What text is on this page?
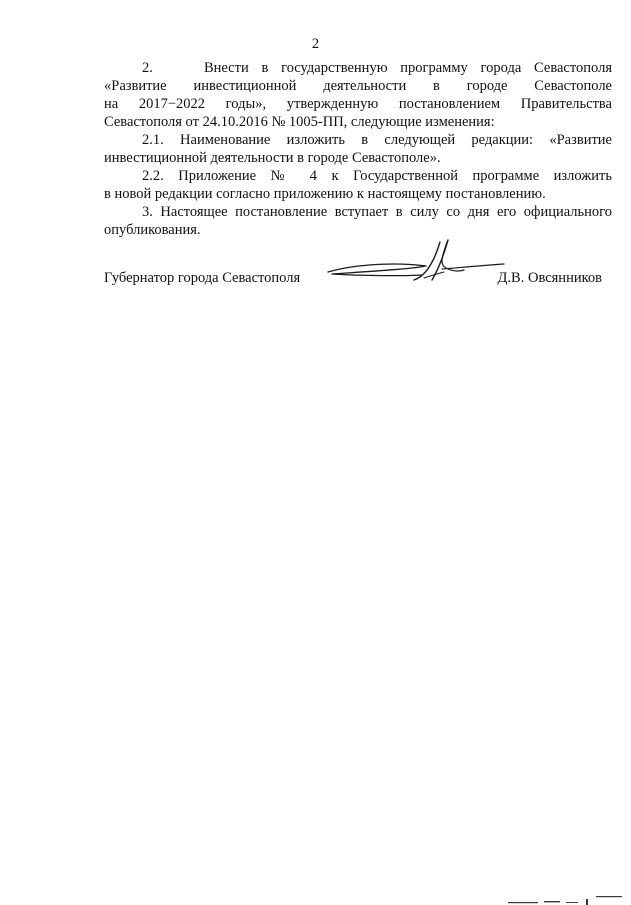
2
2.    Внести в государственную программу города Севастополя
«Развитие инвестиционной деятельности в городе Севастополе
на 2017−2022 годы», утвержденную постановлением Правительства
Севастополя от 24.10.2016 № 1005-ПП, следующие изменения:
2.1. Наименование изложить в следующей редакции: «Развитие
инвестиционной деятельности в городе Севастополе».
2.2. Приложение № 4 к Государственной программе изложить
в новой редакции согласно приложению к настоящему постановлению.
3. Настоящее постановление вступает в силу со дня его официального
опубликования.
Губернатор города Севастополя	Д.В. Овсянников
